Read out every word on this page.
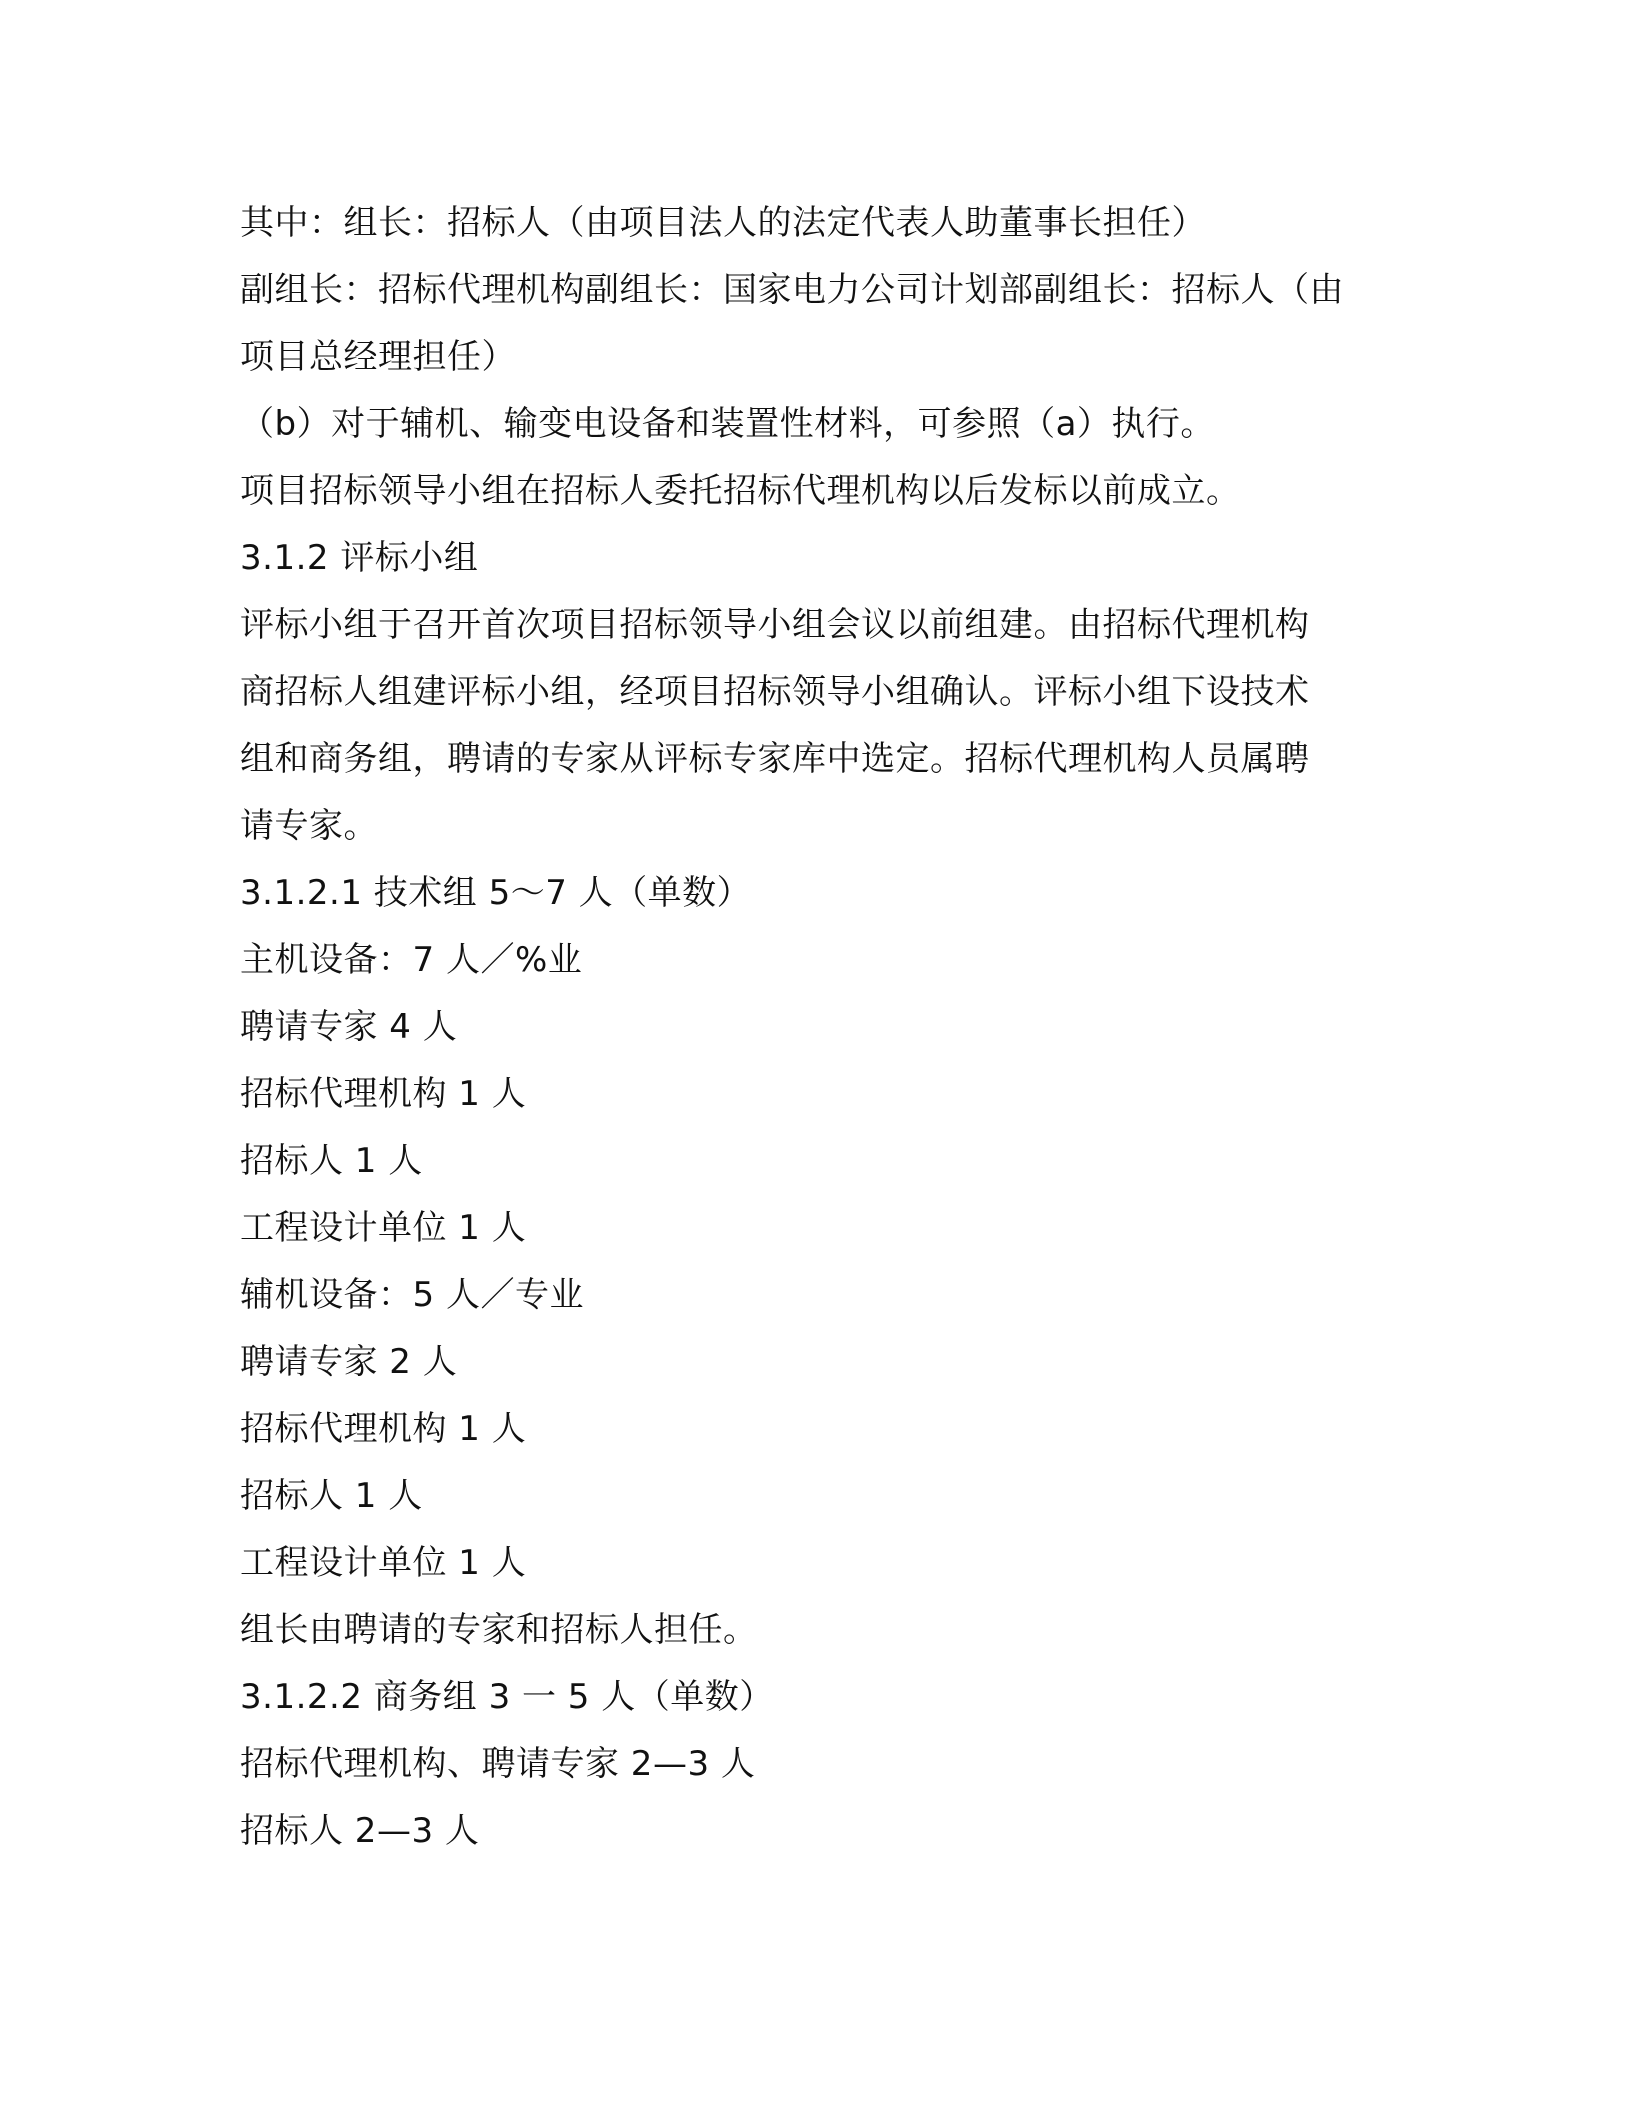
其中：组长：招标人（由项目法人的法定代表人助董事长担任）
副组长：招标代理机构副组长：国家电力公司计划部副组长：招标人（由
项目总经理担任）
（b）对于辅机、输变电设备和装置性材料，可参照（a）执行。
项目招标领导小组在招标人委托招标代理机构以后发标以前成立。
3.1.2 评标小组
评标小组于召开首次项目招标领导小组会议以前组建。由招标代理机构
商招标人组建评标小组，经项目招标领导小组确认。评标小组下设技术
组和商务组，聘请的专家从评标专家库中选定。招标代理机构人员属聘
请专家。
3.1.2.1 技术组 5～7 人（单数）
主机设备：7 人／%业
聘请专家 4 人
招标代理机构 1 人
招标人 1 人
工程设计单位 1 人
辅机设备：5 人／专业
聘请专家 2 人
招标代理机构 1 人
招标人 1 人
工程设计单位 1 人
组长由聘请的专家和招标人担任。
3.1.2.2 商务组 3 一 5 人（单数）
招标代理机构、聘请专家 2—3 人
招标人 2—3 人
